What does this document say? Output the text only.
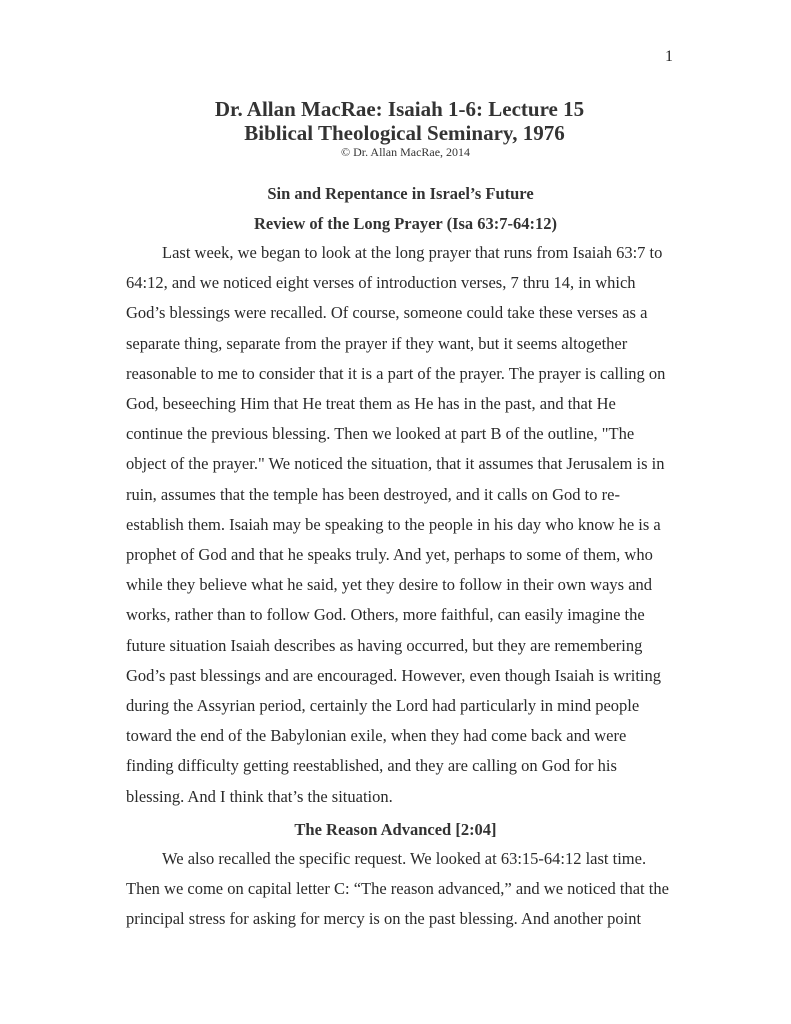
1
Dr. Allan MacRae: Isaiah 1-6: Lecture 15
Biblical Theological Seminary, 1976
© Dr. Allan MacRae, 2014
Sin and Repentance in Israel’s Future
Review of the Long Prayer (Isa 63:7-64:12)
Last week, we began to look at the long prayer that runs from Isaiah 63:7 to
64:12, and we noticed eight verses of introduction verses, 7 thru 14, in which
God’s blessings were recalled. Of course, someone could take these verses as a
separate thing, separate from the prayer if they want, but it seems altogether
reasonable to me to consider that it is a part of the prayer. The prayer is calling on
God, beseeching Him that He treat them as He has in the past, and that He
continue the previous blessing. Then we looked at part B of the outline, "The
object of the prayer." We noticed the situation, that it assumes that Jerusalem is in
ruin, assumes that the temple has been destroyed, and it calls on God to re-
establish them. Isaiah may be speaking to the people in his day who know he is a
prophet of God and that he speaks truly. And yet, perhaps to some of them, who
while they believe what he said, yet they desire to follow in their own ways and
works, rather than to follow God. Others, more faithful, can easily imagine the
future situation Isaiah describes as having occurred, but they are remembering
God’s past blessings and are encouraged. However, even though Isaiah is writing
during the Assyrian period, certainly the Lord had particularly in mind people
toward the end of the Babylonian exile, when they had come back and were
finding difficulty getting reestablished, and they are calling on God for his
blessing. And I think that’s the situation.
The Reason Advanced [2:04]
We also recalled the specific request. We looked at 63:15-64:12 last time.
Then we come on capital letter C: “The reason advanced,” and we noticed that the
principal stress for asking for mercy is on the past blessing. And another point
